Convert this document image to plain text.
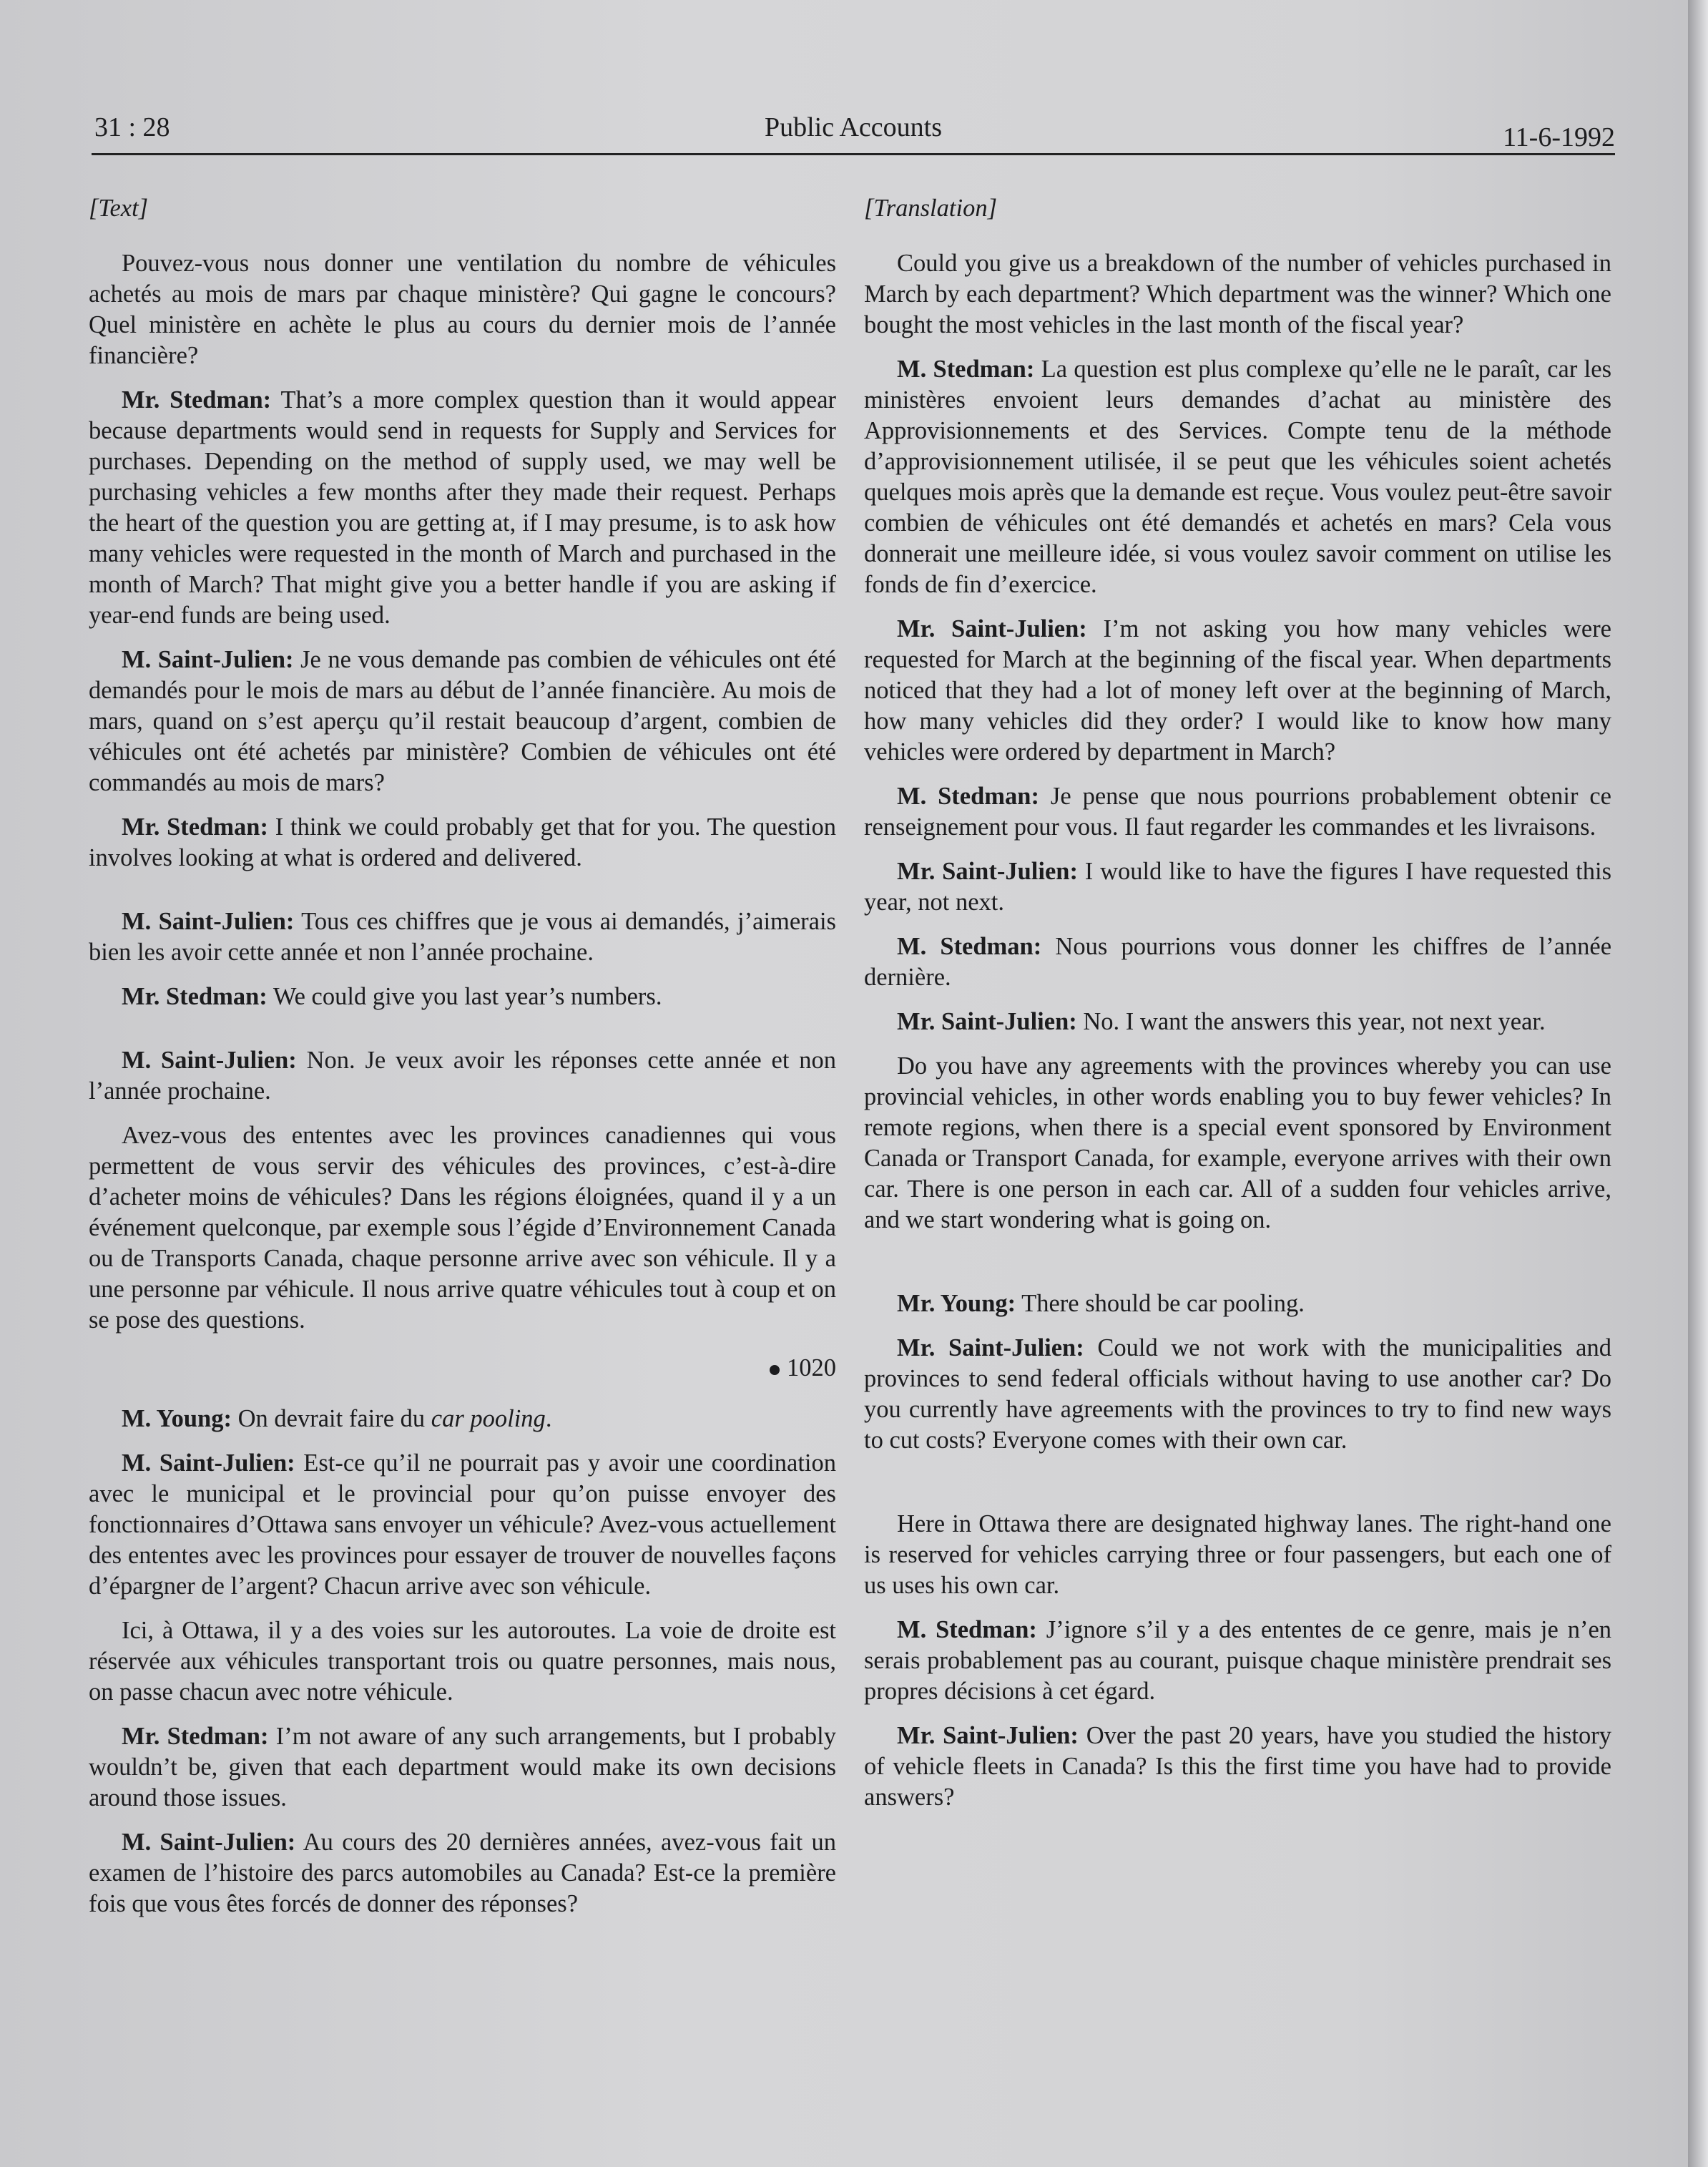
31 : 28	Public Accounts	11-6-1992
[Text]

Pouvez-vous nous donner une ventilation du nombre de véhicules achetés au mois de mars par chaque ministère? Qui gagne le concours? Quel ministère en achète le plus au cours du dernier mois de l’année financière?

Mr. Stedman: That’s a more complex question than it would appear because departments would send in requests for Supply and Services for purchases. Depending on the method of supply used, we may well be purchasing vehicles a few months after they made their request. Perhaps the heart of the question you are getting at, if I may presume, is to ask how many vehicles were requested in the month of March and purchased in the month of March? That might give you a better handle if you are asking if year-end funds are being used.

M. Saint-Julien: Je ne vous demande pas combien de véhicules ont été demandés pour le mois de mars au début de l’année financière. Au mois de mars, quand on s’est aperçu qu’il restait beaucoup d’argent, combien de véhicules ont été achetés par ministère? Combien de véhicules ont été commandés au mois de mars?

Mr. Stedman: I think we could probably get that for you. The question involves looking at what is ordered and delivered.

M. Saint-Julien: Tous ces chiffres que je vous ai demandés, j’aimerais bien les avoir cette année et non l’année prochaine.

Mr. Stedman: We could give you last year’s numbers.

M. Saint-Julien: Non. Je veux avoir les réponses cette année et non l’année prochaine.

Avez-vous des ententes avec les provinces canadiennes qui vous permettent de vous servir des véhicules des provinces, c’est-à-dire d’acheter moins de véhicules? Dans les régions éloignées, quand il y a un événement quelconque, par exemple sous l’égide d’Environnement Canada ou de Transports Canada, chaque personne arrive avec son véhicule. Il y a une personne par véhicule. Il nous arrive quatre véhicules tout à coup et on se pose des questions.

1020

M. Young: On devrait faire du car pooling.

M. Saint-Julien: Est-ce qu’il ne pourrait pas y avoir une coordination avec le municipal et le provincial pour qu’on puisse envoyer des fonctionnaires d’Ottawa sans envoyer un véhicule? Avez-vous actuellement des ententes avec les provinces pour essayer de trouver de nouvelles façons d’épargner de l’argent? Chacun arrive avec son véhicule.

Ici, à Ottawa, il y a des voies sur les autoroutes. La voie de droite est réservée aux véhicules transportant trois ou quatre personnes, mais nous, on passe chacun avec notre véhicule.

Mr. Stedman: I’m not aware of any such arrangements, but I probably wouldn’t be, given that each department would make its own decisions around those issues.

M. Saint-Julien: Au cours des 20 dernières années, avez-vous fait un examen de l’histoire des parcs automobiles au Canada? Est-ce la première fois que vous êtes forcés de donner des réponses?

[Translation]

Could you give us a breakdown of the number of vehicles purchased in March by each department? Which department was the winner? Which one bought the most vehicles in the last month of the fiscal year?

M. Stedman: La question est plus complexe qu’elle ne le paraît, car les ministères envoient leurs demandes d’achat au ministère des Approvisionnements et des Services. Compte tenu de la méthode d’approvisionnement utilisée, il se peut que les véhicules soient achetés quelques mois après que la demande est reçue. Vous voulez peut-être savoir combien de véhicules ont été demandés et achetés en mars? Cela vous donnerait une meilleure idée, si vous voulez savoir comment on utilise les fonds de fin d’exercice.

Mr. Saint-Julien: I’m not asking you how many vehicles were requested for March at the beginning of the fiscal year. When departments noticed that they had a lot of money left over at the beginning of March, how many vehicles did they order? I would like to know how many vehicles were ordered by department in March?

M. Stedman: Je pense que nous pourrions probablement obtenir ce renseignement pour vous. Il faut regarder les commandes et les livraisons.

Mr. Saint-Julien: I would like to have the figures I have requested this year, not next.

M. Stedman: Nous pourrions vous donner les chiffres de l’année dernière.

Mr. Saint-Julien: No. I want the answers this year, not next year.

Do you have any agreements with the provinces whereby you can use provincial vehicles, in other words enabling you to buy fewer vehicles? In remote regions, when there is a special event sponsored by Environment Canada or Transport Canada, for example, everyone arrives with their own car. There is one person in each car. All of a sudden four vehicles arrive, and we start wondering what is going on.

Mr. Young: There should be car pooling.

Mr. Saint-Julien: Could we not work with the municipalities and provinces to send federal officials without having to use another car? Do you currently have agreements with the provinces to try to find new ways to cut costs? Everyone comes with their own car.

Here in Ottawa there are designated highway lanes. The right-hand one is reserved for vehicles carrying three or four passengers, but each one of us uses his own car.

M. Stedman: J’ignore s’il y a des ententes de ce genre, mais je n’en serais probablement pas au courant, puisque chaque ministère prendrait ses propres décisions à cet égard.

Mr. Saint-Julien: Over the past 20 years, have you studied the history of vehicle fleets in Canada? Is this the first time you have had to provide answers?
